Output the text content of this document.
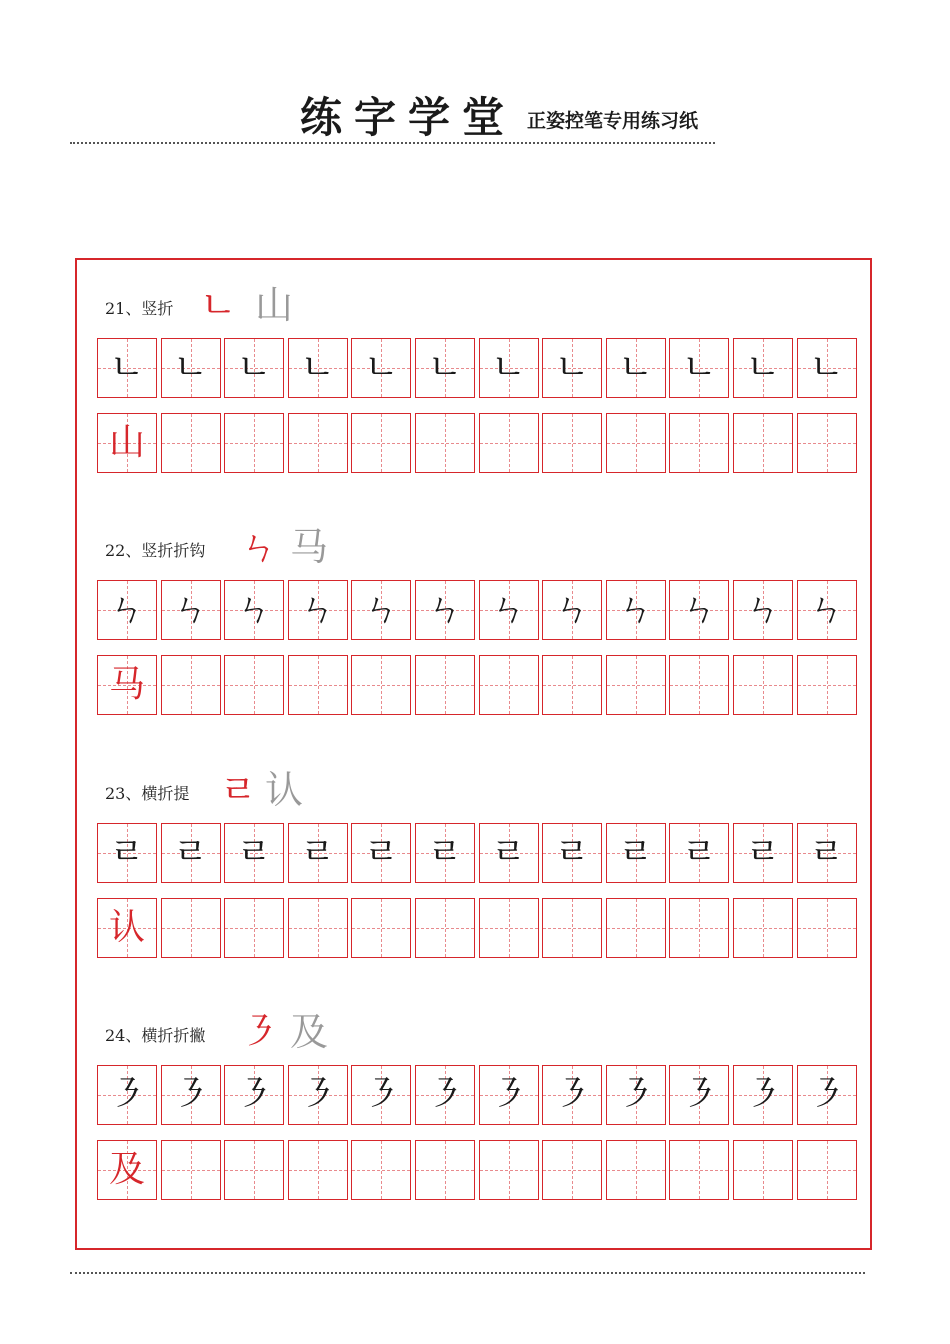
练字学堂 正姿控笔专用练习纸
21、竖折 ㄴ 山
ㄴ ㄴ ㄴ ㄴ ㄴ ㄴ ㄴ ㄴ ㄴ ㄴ ㄴ ㄴ
山
22、竖折折钩 ㄣ 马
ㄣ ㄣ ㄣ ㄣ ㄣ ㄣ ㄣ ㄣ ㄣ ㄣ ㄣ ㄣ
马
23、横折提 ㄹ 认
ㄹ ㄹ ㄹ ㄹ ㄹ ㄹ ㄹ ㄹ ㄹ ㄹ ㄹ ㄹ
认
24、横折折撇 ㇋ 及
㇋ ㇋ ㇋ ㇋ ㇋ ㇋ ㇋ ㇋ ㇋ ㇋ ㇋ ㇋
及
